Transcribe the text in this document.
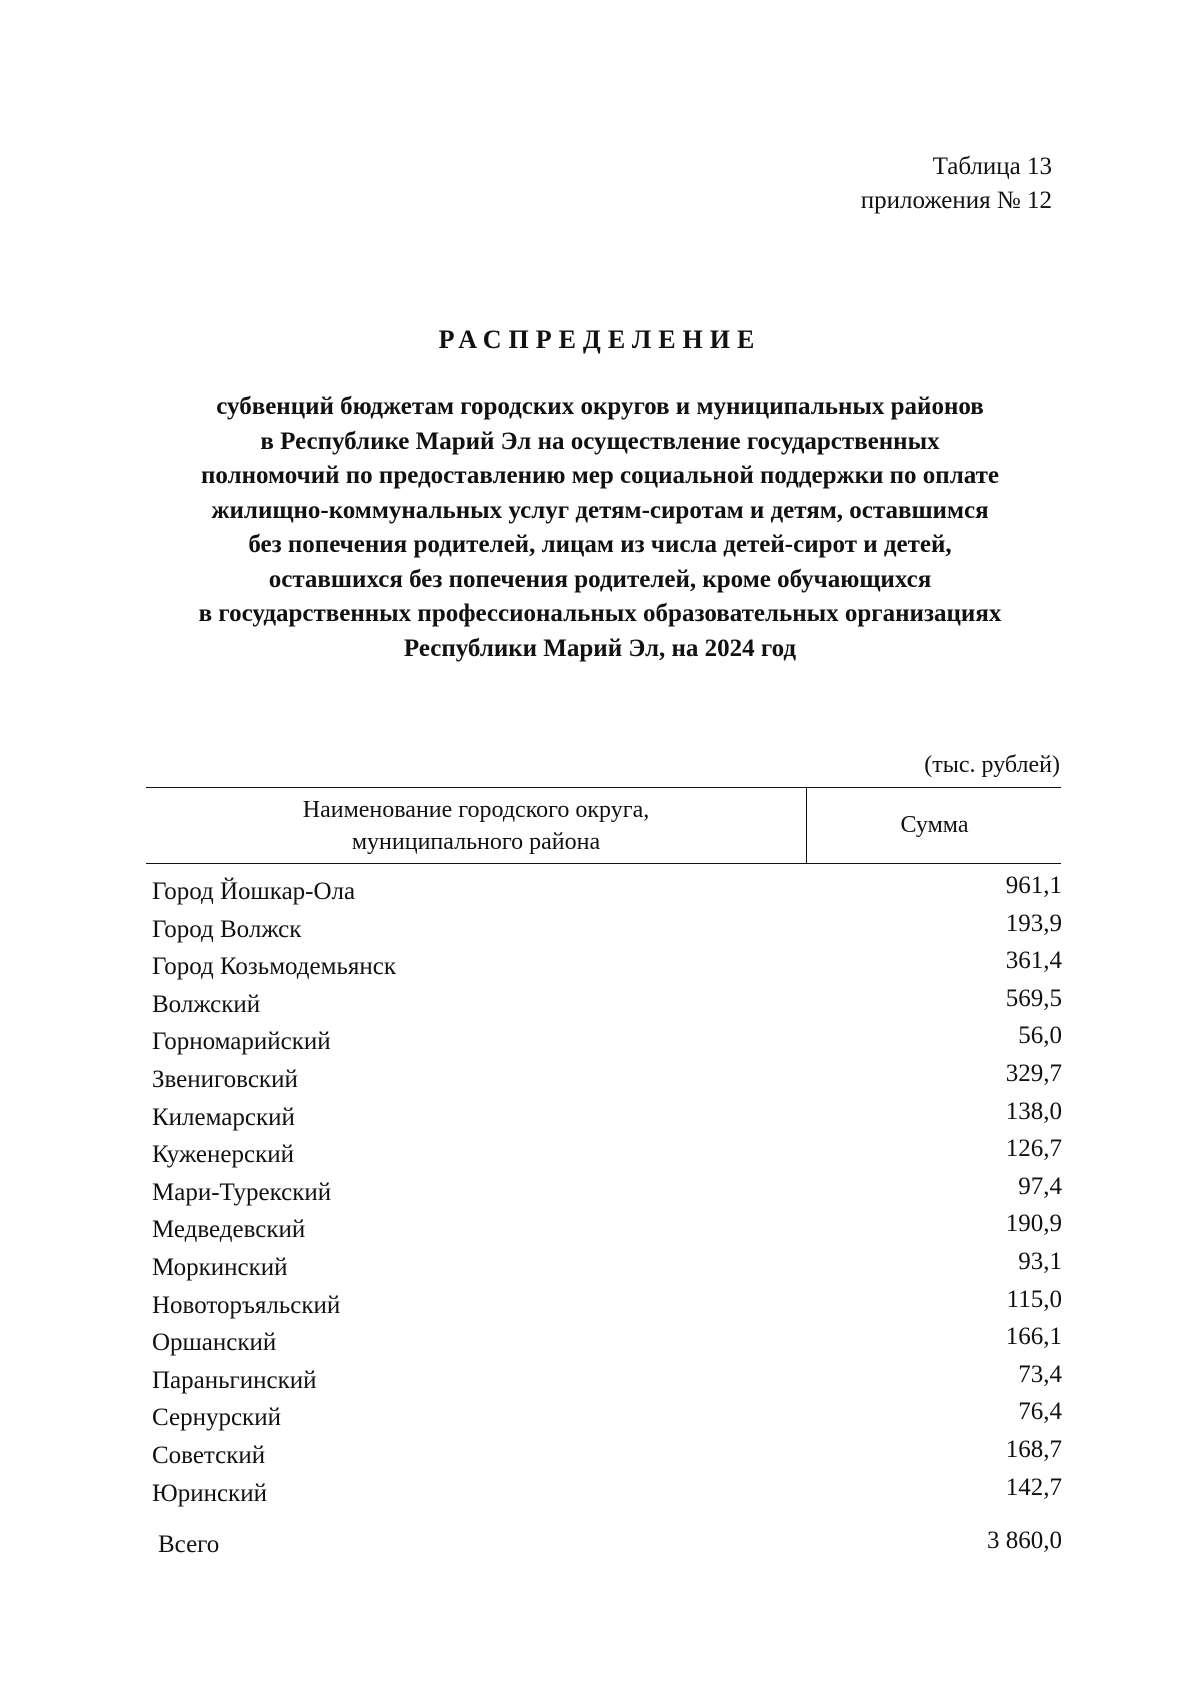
Таблица 13
приложения № 12
РАСПРЕДЕЛЕНИЕ
субвенций бюджетам городских округов и муниципальных районов
в Республике Марий Эл на осуществление государственных
полномочий по предоставлению мер социальной поддержки по оплате
жилищно-коммунальных услуг детям-сиротам и детям, оставшимся
без попечения родителей, лицам из числа детей-сирот и детей,
оставшихся без попечения родителей, кроме обучающихся
в государственных профессиональных образовательных организациях
Республики Марий Эл, на 2024 год
(тыс. рублей)
Наименование городского округа,
муниципального района
Сумма
Город Йошкар-Ола	961,1
Город Волжск	193,9
Город Козьмодемьянск	361,4
Волжский	569,5
Горномарийский	56,0
Звениговский	329,7
Килемарский	138,0
Куженерский	126,7
Мари-Турекский	97,4
Медведевский	190,9
Моркинский	93,1
Новоторъяльский	115,0
Оршанский	166,1
Параньгинский	73,4
Сернурский	76,4
Советский	168,7
Юринский	142,7
Всего	3 860,0
